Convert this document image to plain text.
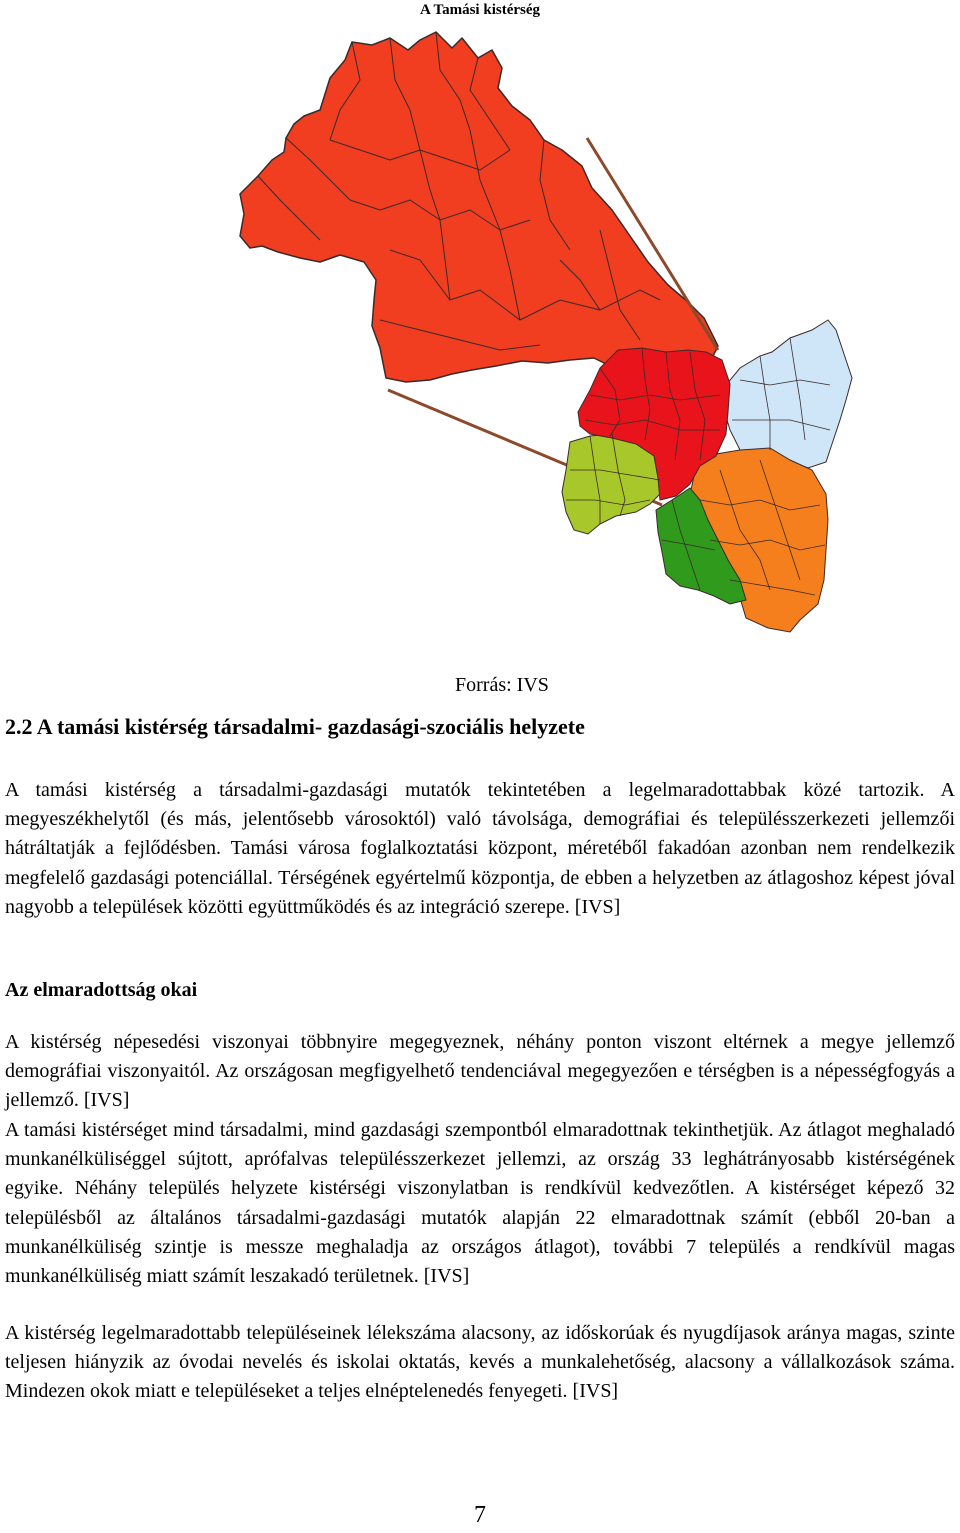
A Tamási kistérség
Forrás: IVS
2.2 A tamási kistérség társadalmi- gazdasági-szociális helyzete

A tamási kistérség a társadalmi-gazdasági mutatók tekintetében a legelmaradottabbak közé tartozik. A megyeszékhelytől (és más, jelentősebb városoktól) való távolsága, demográfiai és településszerkezeti jellemzői hátráltatják a fejlődésben. Tamási városa foglalkoztatási központ, méretéből fakadóan azonban nem rendelkezik megfelelő gazdasági potenciállal. Térségének egyértelmű központja, de ebben a helyzetben az átlagoshoz képest jóval nagyobb a települések közötti együttműködés és az integráció szerepe. [IVS]

Az elmaradottság okai

A kistérség népesedési viszonyai többnyire megegyeznek, néhány ponton viszont eltérnek a megye jellemző demográfiai viszonyaitól. Az országosan megfigyelhető tendenciával megegyezően e térségben is a népességfogyás a jellemző. [IVS]

A tamási kistérséget mind társadalmi, mind gazdasági szempontból elmaradottnak tekinthetjük. Az átlagot meghaladó munkanélküliséggel sújtott, aprófalvas településszerkezet jellemzi, az ország 33 leghátrányosabb kistérségének egyike. Néhány település helyzete kistérségi viszonylatban is rendkívül kedvezőtlen. A kistérséget képező 32 településből az általános társadalmi-gazdasági mutatók alapján 22 elmaradottnak számít (ebből 20-ban a munkanélküliség szintje is messze meghaladja az országos átlagot), további 7 település a rendkívül magas munkanélküliség miatt számít leszakadó területnek. [IVS]

A kistérség legelmaradottabb településeinek lélekszáma alacsony, az időskorúak és nyugdíjasok aránya magas, szinte teljesen hiányzik az óvodai nevelés és iskolai oktatás, kevés a munkalehetőség, alacsony a vállalkozások száma. Mindezen okok miatt e településeket a teljes elnéptelenedés fenyegeti. [IVS]

7
